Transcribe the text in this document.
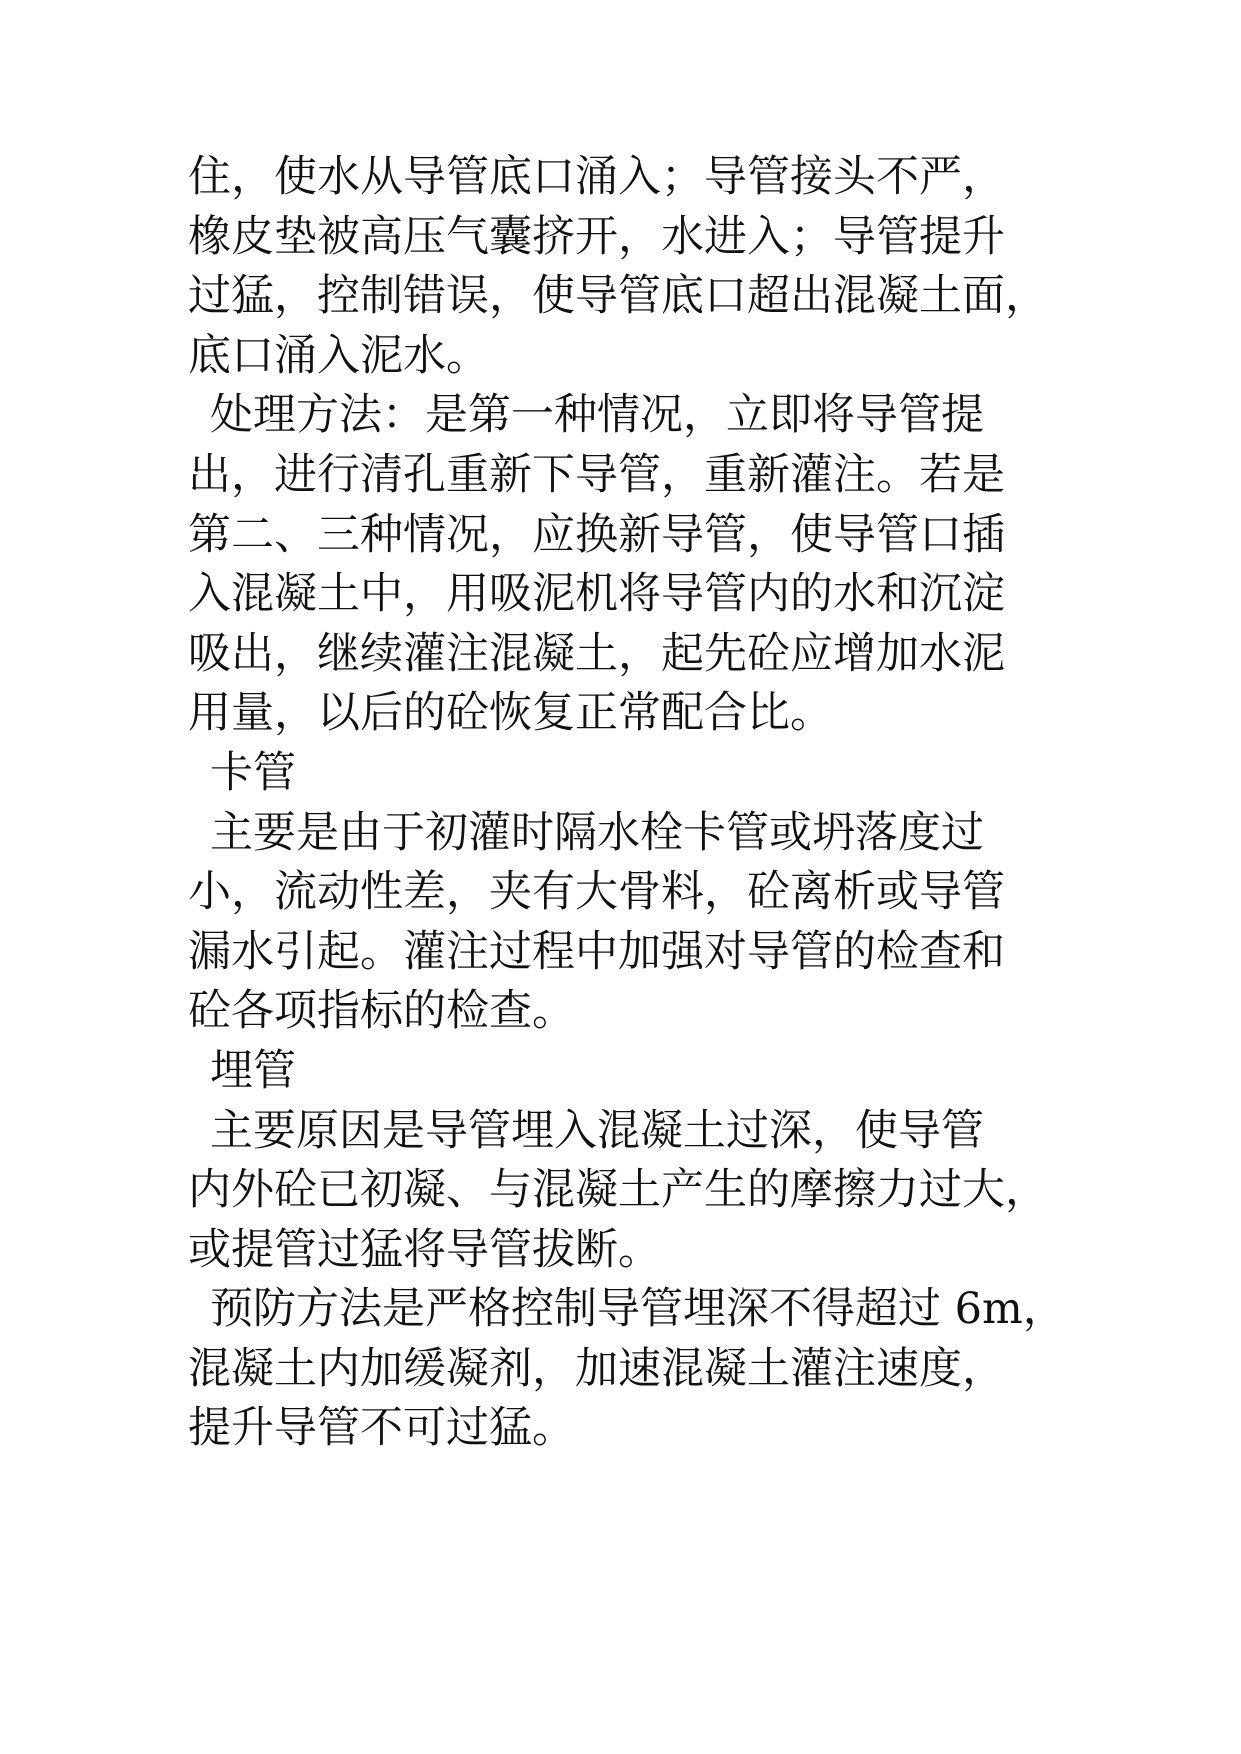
住，使水从导管底口涌入；导管接头不严，
橡皮垫被高压气囊挤开，水进入；导管提升
过猛，控制错误，使导管底口超出混凝土面，
底口涌入泥水。
处理方法：是第一种情况，立即将导管提
出，进行清孔重新下导管，重新灌注。若是
第二、三种情况，应换新导管，使导管口插
入混凝土中，用吸泥机将导管内的水和沉淀
吸出，继续灌注混凝土，起先砼应增加水泥
用量，以后的砼恢复正常配合比。
卡管
主要是由于初灌时隔水栓卡管或坍落度过
小，流动性差，夹有大骨料，砼离析或导管
漏水引起。灌注过程中加强对导管的检查和
砼各项指标的检查。
埋管
主要原因是导管埋入混凝土过深，使导管
内外砼已初凝、与混凝土产生的摩擦力过大，
或提管过猛将导管拔断。
预防方法是严格控制导管埋深不得超过 6m，
混凝土内加缓凝剂，加速混凝土灌注速度，
提升导管不可过猛。
